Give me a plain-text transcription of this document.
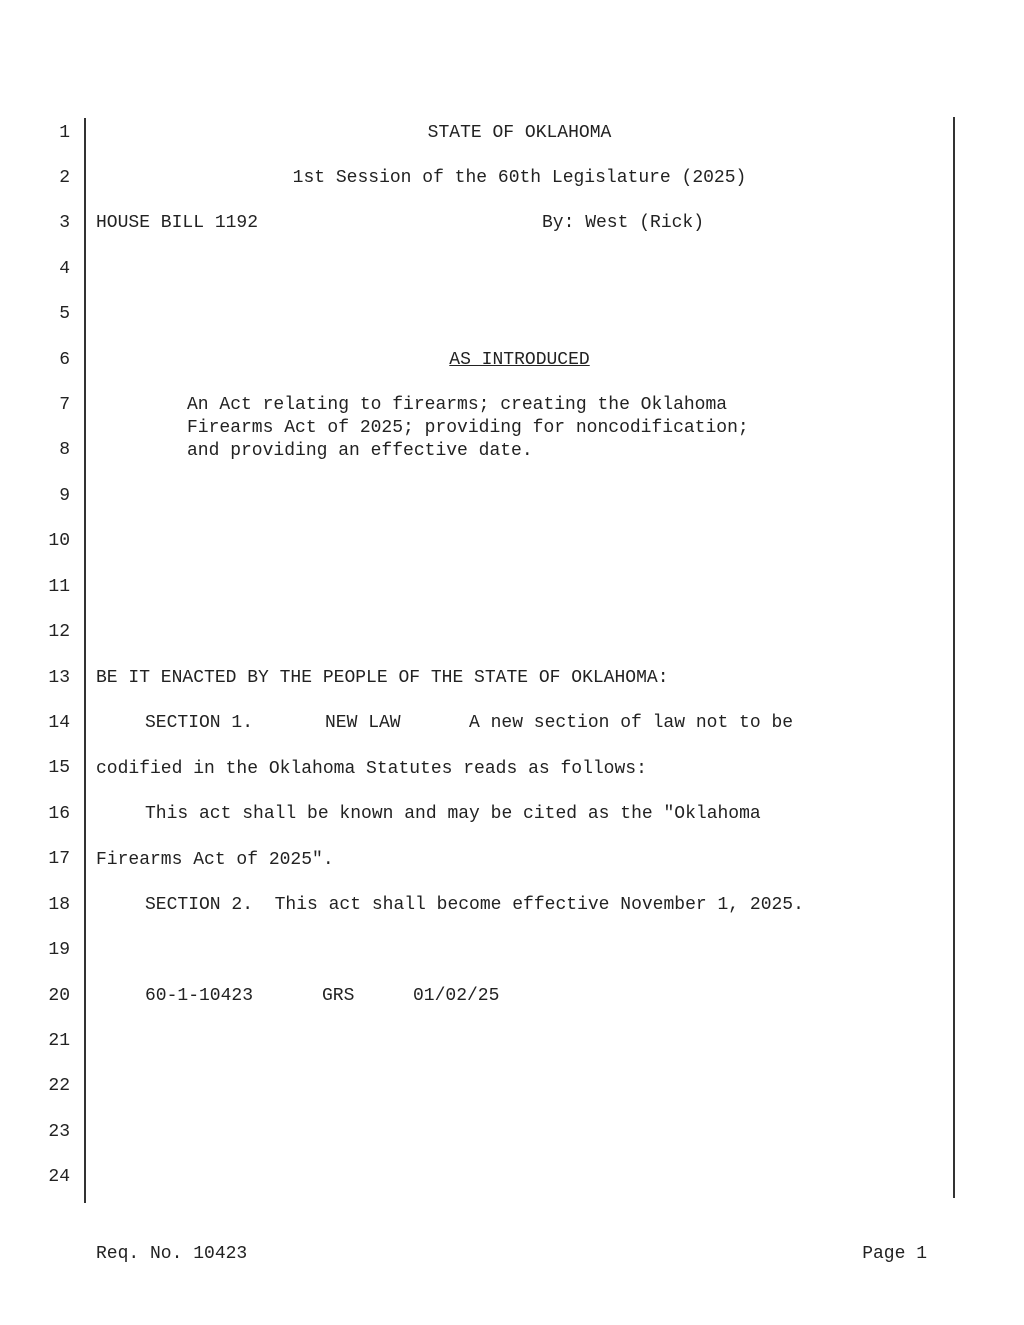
1
2
3
4
5
6
7
8
9
10
11
12
13
14
15
16
17
18
19
20
21
22
23
24
STATE OF OKLAHOMA
1st Session of the 60th Legislature (2025)
HOUSE BILL 1192	By: West (Rick)
AS INTRODUCED
An Act relating to firearms; creating the Oklahoma
Firearms Act of 2025; providing for noncodification;
and providing an effective date.
BE IT ENACTED BY THE PEOPLE OF THE STATE OF OKLAHOMA:
SECTION 1.	NEW LAW	A new section of law not to be
codified in the Oklahoma Statutes reads as follows:
This act shall be known and may be cited as the "Oklahoma
Firearms Act of 2025".
SECTION 2.  This act shall become effective November 1, 2025.
60-1-10423	GRS	01/02/25
Req. No. 10423	Page 1
